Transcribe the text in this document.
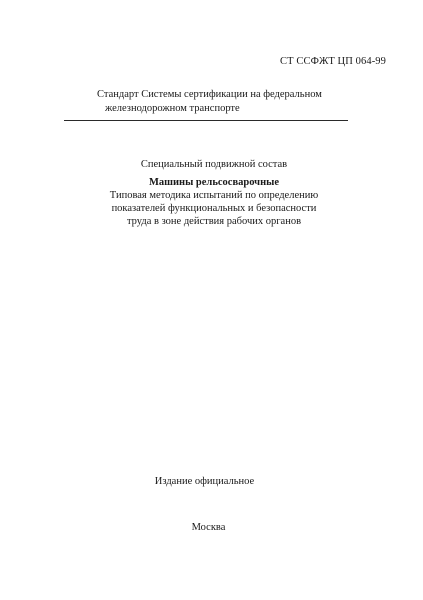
СТ ССФЖТ ЦП 064-99
Стандарт Системы сертификации на федеральном
железнодорожном транспорте
Специальный подвижной состав
Машины рельсосварочные
Типовая методика испытаний по определению
показателей функциональных и безопасности
труда в зоне действия рабочих органов
Издание официальное
Москва
